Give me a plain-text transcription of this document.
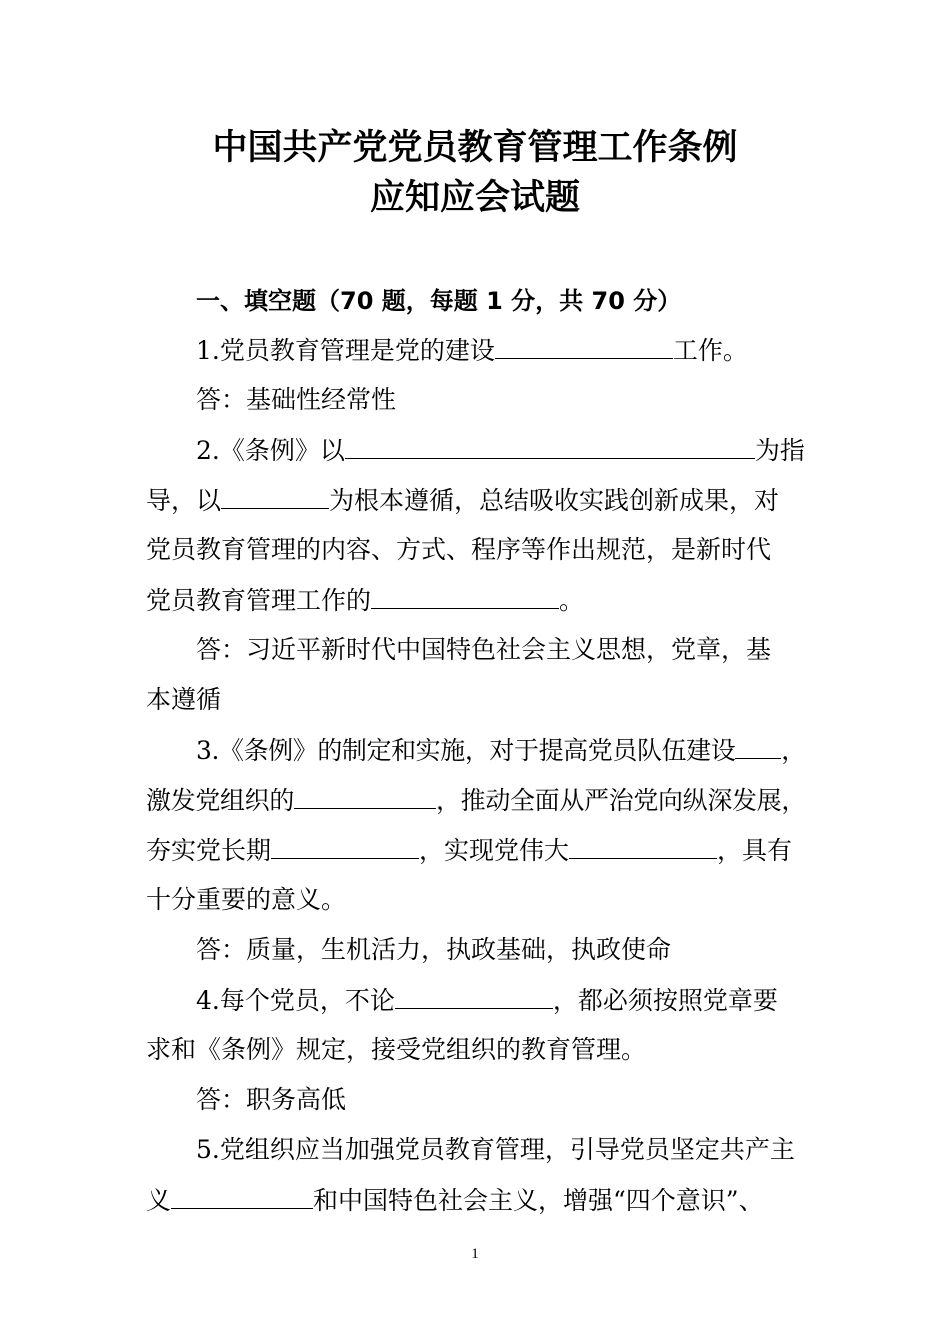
中国共产党党员教育管理工作条例
应知应会试题
一、填空题（70 题，每题 1 分，共 70 分）
1.党员教育管理是党的建设	工作。
答：基础性经常性
2.《条例》以	为指
导，以	为根本遵循，总结吸收实践创新成果，对
党员教育管理的内容、方式、程序等作出规范，是新时代
党员教育管理工作的	。
答：习近平新时代中国特色社会主义思想，党章，基
本遵循
3.《条例》的制定和实施，对于提高党员队伍建设 ，
激发党组织的	，推动全面从严治党向纵深发展，
夯实党长期	，实现党伟大	，具有
十分重要的意义。
答：质量，生机活力，执政基础，执政使命
4.每个党员，不论	，都必须按照党章要
求和《条例》规定，接受党组织的教育管理。
答：职务高低
5.党组织应当加强党员教育管理，引导党员坚定共产主
义	和中国特色社会主义，增强“四个意识”、
1
